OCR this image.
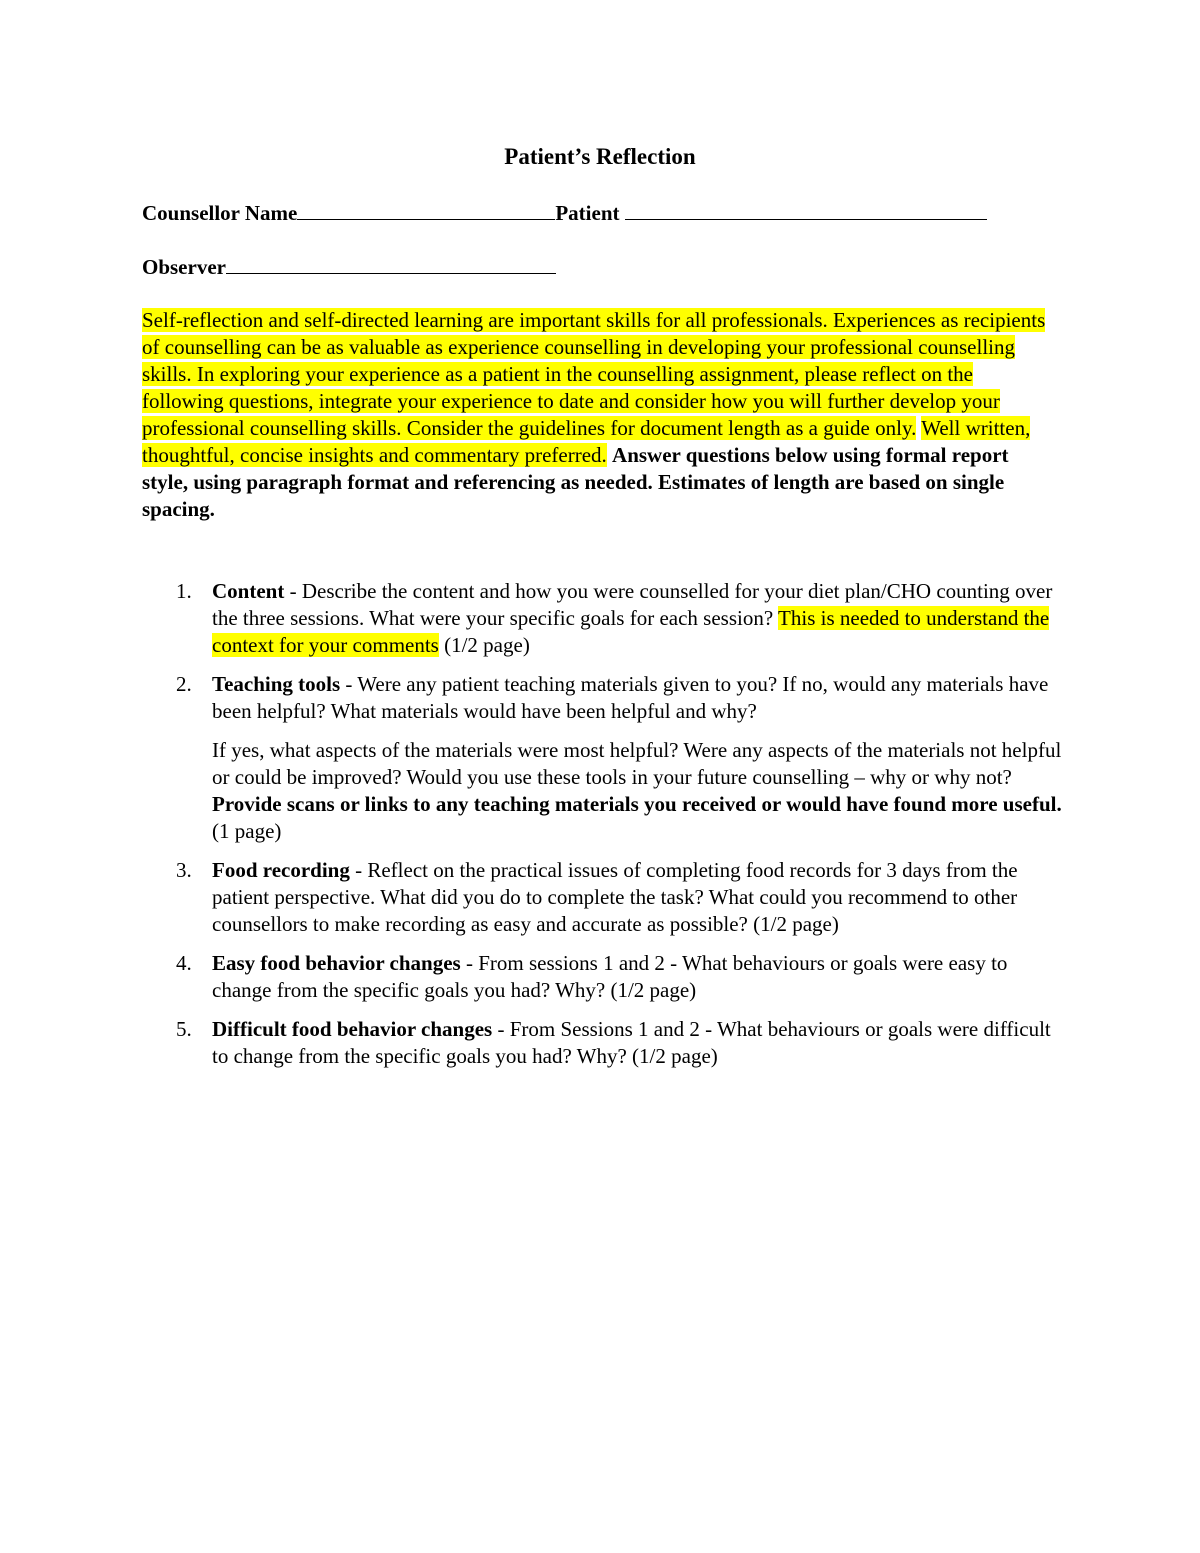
Patient’s Reflection
Counsellor Name	Patient
Observer
Self-reflection and self-directed learning are important skills for all professionals. Experiences as recipients of counselling can be as valuable as experience counselling in developing your professional counselling skills. In exploring your experience as a patient in the counselling assignment, please reflect on the following questions, integrate your experience to date and consider how you will further develop your professional counselling skills. Consider the guidelines for document length as a guide only. Well written, thoughtful, concise insights and commentary preferred. Answer questions below using formal report style, using paragraph format and referencing as needed. Estimates of length are based on single spacing.
1. Content - Describe the content and how you were counselled for your diet plan/CHO counting over the three sessions. What were your specific goals for each session? This is needed to understand the context for your comments (1/2 page)
2. Teaching tools - Were any patient teaching materials given to you? If no, would any materials have been helpful? What materials would have been helpful and why?
If yes, what aspects of the materials were most helpful? Were any aspects of the materials not helpful or could be improved? Would you use these tools in your future counselling – why or why not? Provide scans or links to any teaching materials you received or would have found more useful. (1 page)
3. Food recording - Reflect on the practical issues of completing food records for 3 days from the patient perspective. What did you do to complete the task? What could you recommend to other counsellors to make recording as easy and accurate as possible? (1/2 page)
4. Easy food behavior changes - From sessions 1 and 2 - What behaviours or goals were easy to change from the specific goals you had? Why? (1/2 page)
5. Difficult food behavior changes - From Sessions 1 and 2 - What behaviours or goals were difficult to change from the specific goals you had? Why? (1/2 page)
